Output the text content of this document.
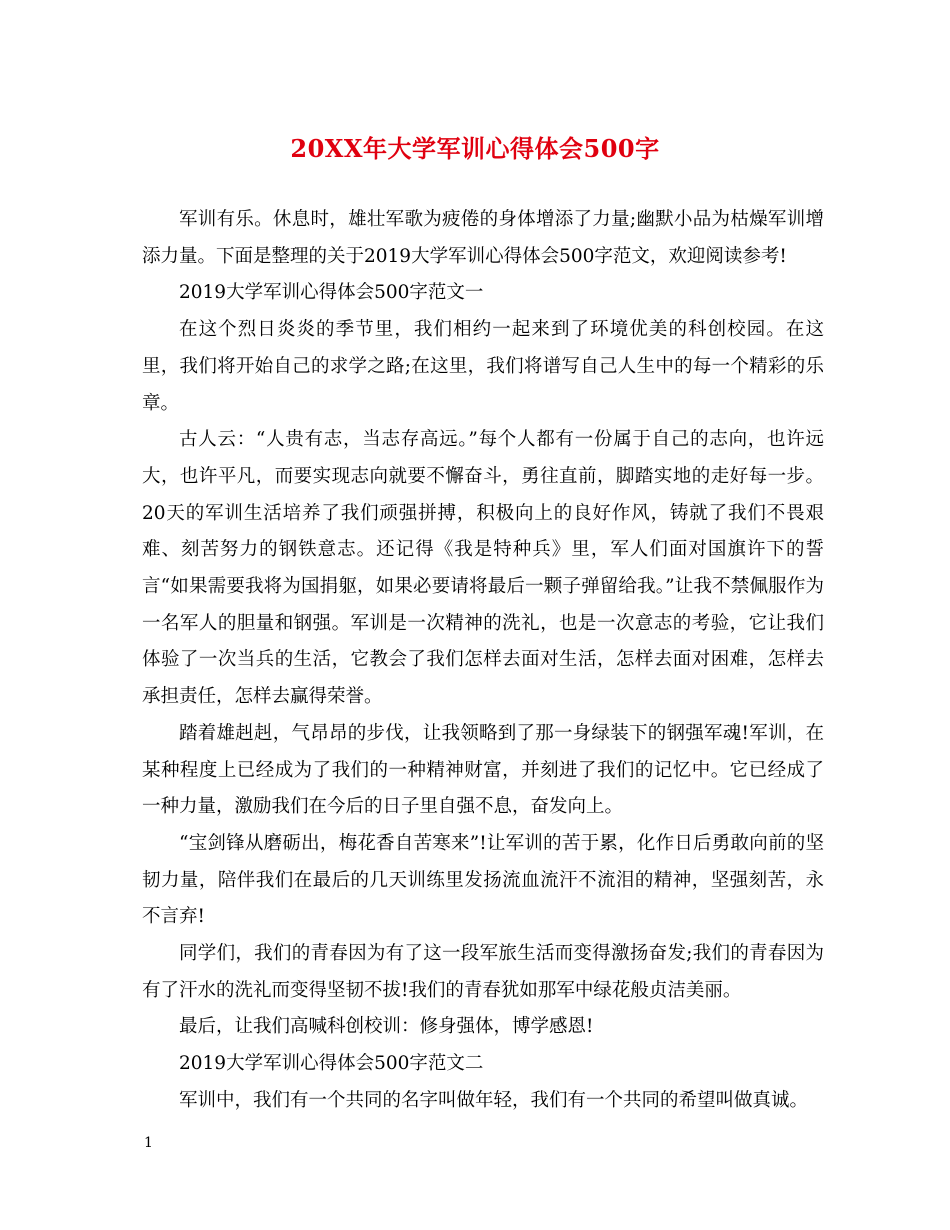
20XX年大学军训心得体会500字

军训有乐。休息时，雄壮军歌为疲倦的身体增添了力量;幽默小品为枯燥军训增添力量。下面是整理的关于2019大学军训心得体会500字范文，欢迎阅读参考!

2019大学军训心得体会500字范文一

在这个烈日炎炎的季节里，我们相约一起来到了环境优美的科创校园。在这里，我们将开始自己的求学之路;在这里，我们将谱写自己人生中的每一个精彩的乐章。

古人云：“人贵有志，当志存高远。”每个人都有一份属于自己的志向，也许远大，也许平凡，而要实现志向就要不懈奋斗，勇往直前，脚踏实地的走好每一步。20天的军训生活培养了我们顽强拼搏，积极向上的良好作风，铸就了我们不畏艰难、刻苦努力的钢铁意志。还记得《我是特种兵》里，军人们面对国旗许下的誓言“如果需要我将为国捐躯，如果必要请将最后一颗子弹留给我。”让我不禁佩服作为一名军人的胆量和钢强。军训是一次精神的洗礼，也是一次意志的考验，它让我们体验了一次当兵的生活，它教会了我们怎样去面对生活，怎样去面对困难，怎样去承担责任，怎样去赢得荣誉。

踏着雄赳赳，气昂昂的步伐，让我领略到了那一身绿装下的钢强军魂!军训，在某种程度上已经成为了我们的一种精神财富，并刻进了我们的记忆中。它已经成了一种力量，激励我们在今后的日子里自强不息，奋发向上。

“宝剑锋从磨砺出，梅花香自苦寒来”!让军训的苦于累，化作日后勇敢向前的坚韧力量，陪伴我们在最后的几天训练里发扬流血流汗不流泪的精神，坚强刻苦，永不言弃!

同学们，我们的青春因为有了这一段军旅生活而变得激扬奋发;我们的青春因为有了汗水的洗礼而变得坚韧不拔!我们的青春犹如那军中绿花般贞洁美丽。

最后，让我们高喊科创校训：修身强体，博学感恩!

2019大学军训心得体会500字范文二

军训中，我们有一个共同的名字叫做年轻，我们有一个共同的希望叫做真诚。

1
